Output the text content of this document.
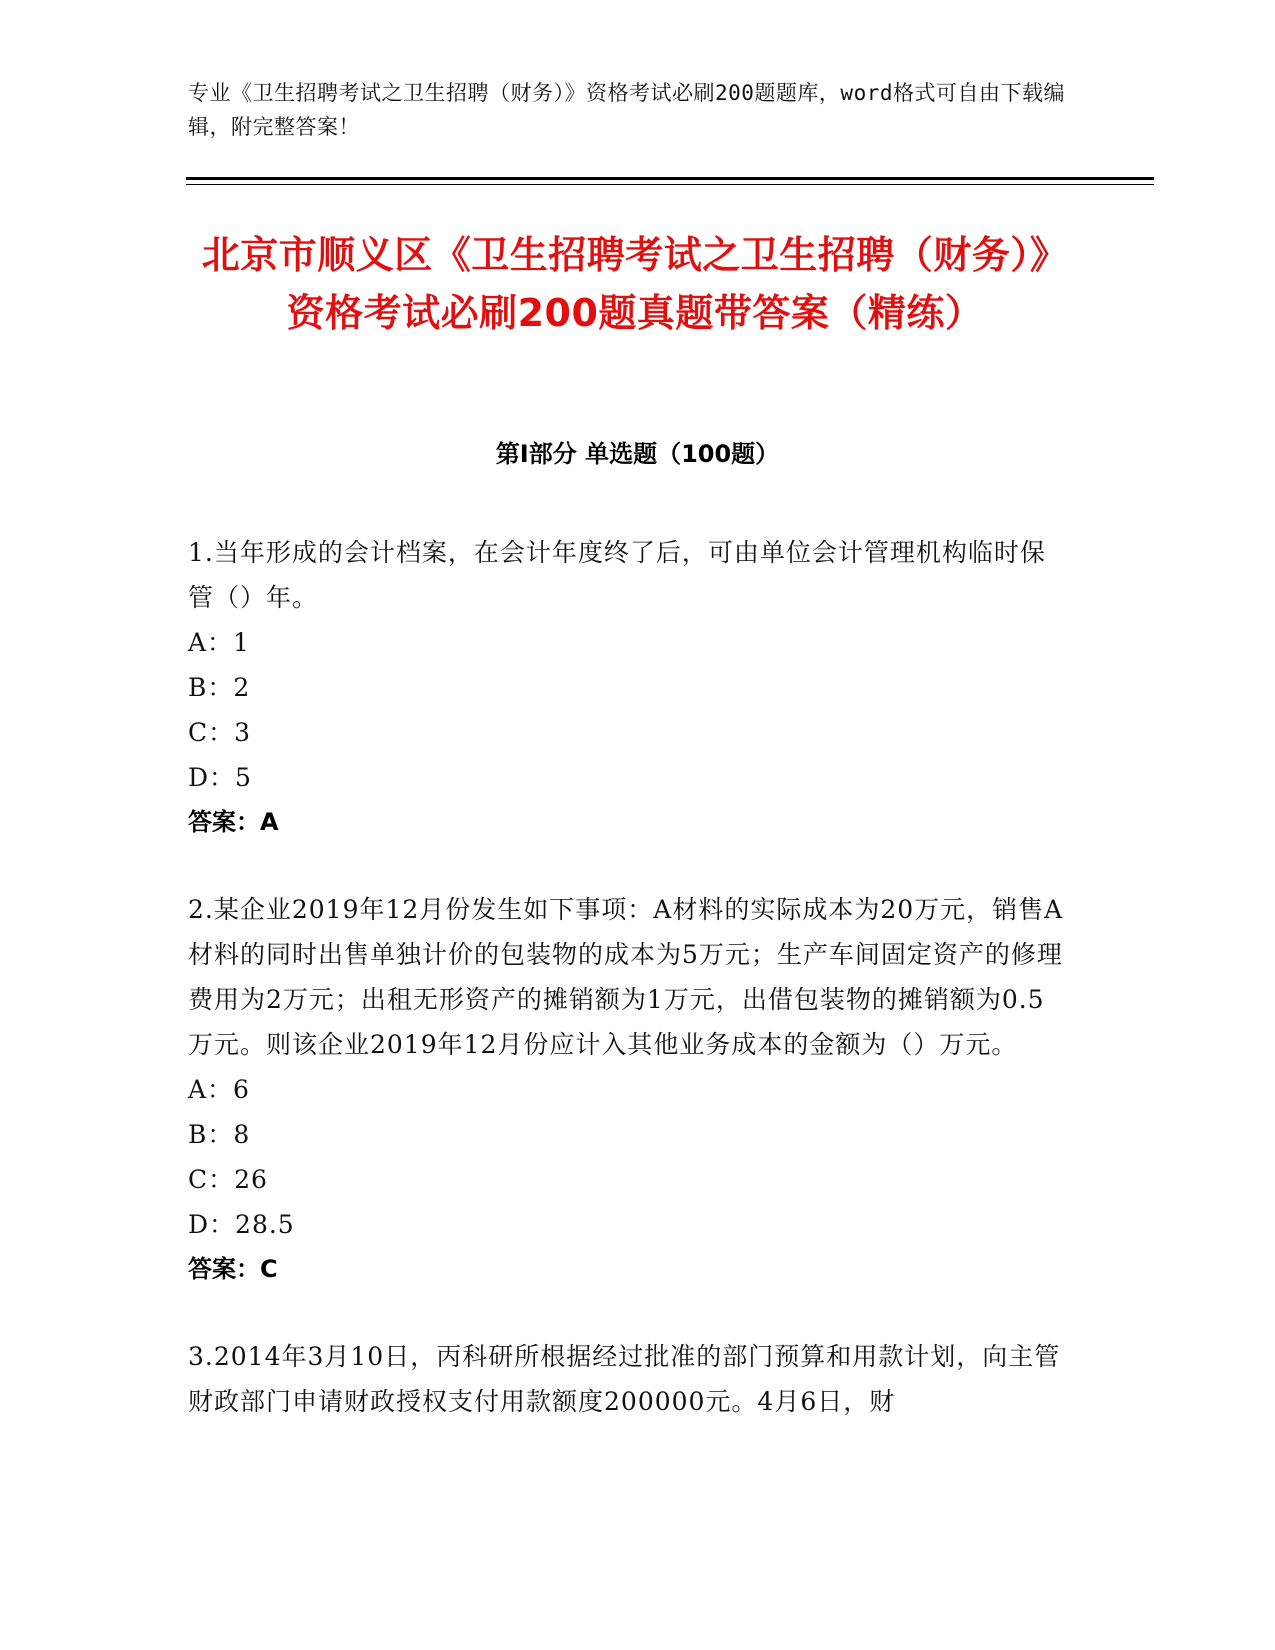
专业《卫生招聘考试之卫生招聘（财务）》资格考试必刷200题题库，word格式可自由下载编辑，附完整答案！
北京市顺义区《卫生招聘考试之卫生招聘（财务）》资格考试必刷200题真题带答案（精练）
第Ⅰ部分 单选题（100题）
1.当年形成的会计档案，在会计年度终了后，可由单位会计管理机构临时保管（）年。
A：1
B：2
C：3
D：5
答案：A
2.某企业2019年12月份发生如下事项：A材料的实际成本为20万元，销售A材料的同时出售单独计价的包装物的成本为5万元；生产车间固定资产的修理费用为2万元；出租无形资产的摊销额为1万元，出借包装物的摊销额为0.5万元。则该企业2019年12月份应计入其他业务成本的金额为（）万元。
A：6
B：8
C：26
D：28.5
答案：C
3.2014年3月10日，丙科研所根据经过批准的部门预算和用款计划，向主管财政部门申请财政授权支付用款额度200000元。4月6日，财
